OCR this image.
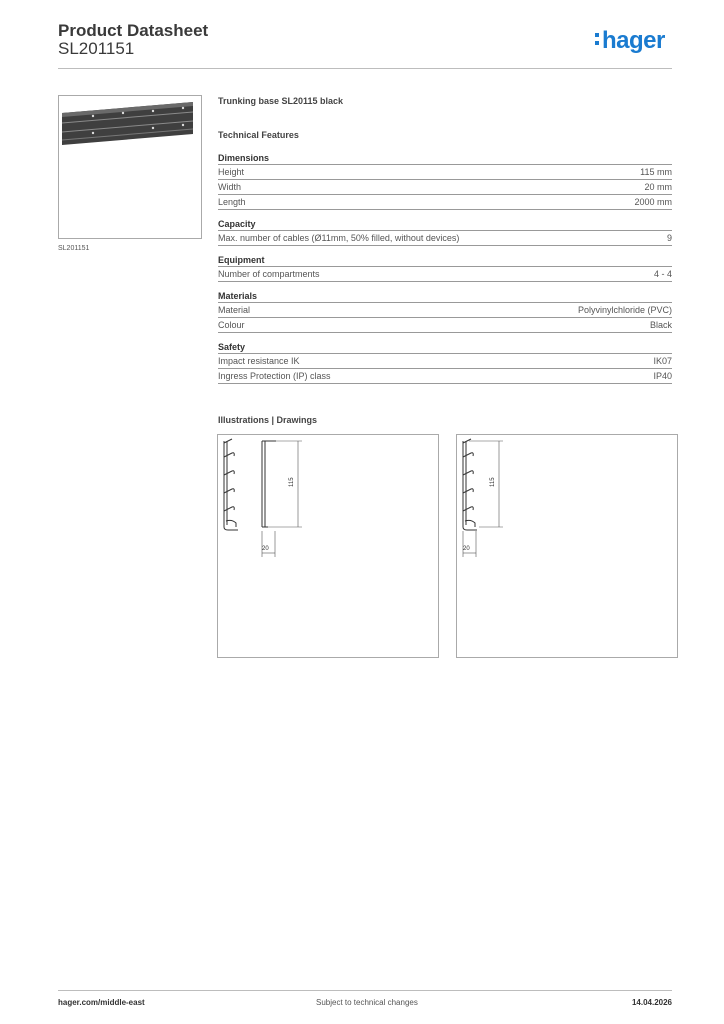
Product Datasheet
SL201151	hager
SL201151
Trunking base SL20115 black
Technical Features
Dimensions
Height	115 mm
Width	20 mm
Length	2000 mm
Capacity
Max. number of cables (Ø11mm, 50% filled, without devices)	9
Equipment
Number of compartments	4 - 4
Materials
Material	Polyvinylchloride (PVC)
Colour	Black
Safety
Impact resistance IK	IK07
Ingress Protection (IP) class	IP40
Illustrations | Drawings
115
20
115
20
hager.com/middle-east	Subject to technical changes	14.04.2026
